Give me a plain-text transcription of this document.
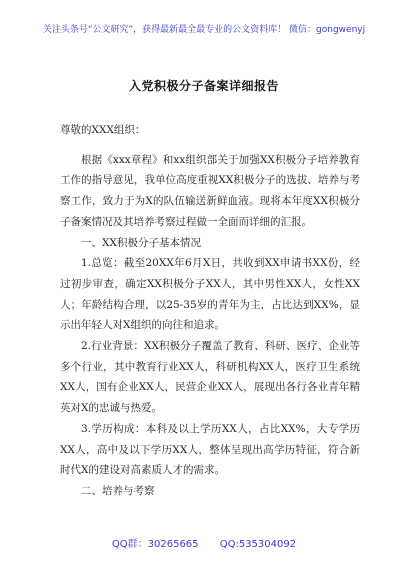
关注头条号“公文研究”，获得最新最全最专业的公文资料库！ 微信：gongwenyj
入党积极分子备案详细报告

尊敬的XXX组织：

根据《xxx章程》和xx组织部关于加强XX积极分子培养教育工作的指导意见，我单位高度重视XX积极分子的选拔、培养与考察工作，致力于为X的队伍输送新鲜血液。现将本年度XX积极分子备案情况及其培养考察过程做一全面而详细的汇报。

一、XX积极分子基本情况

1.总览：截至20XX年6月X日，共收到XX申请书XX份，经过初步审查，确定XX积极分子XX人，其中男性XX人，女性XX人；年龄结构合理，以25-35岁的青年为主，占比达到XX%，显示出年轻人对X组织的向往和追求。

2.行业背景：XX积极分子覆盖了教育、科研、医疗、企业等多个行业，其中教育行业XX人，科研机构XX人，医疗卫生系统XX人，国有企业XX人，民营企业XX人，展现出各行各业青年精英对X的忠诚与热爱。

3.学历构成：本科及以上学历XX人，占比XX%，大专学历XX人，高中及以下学历XX人，整体呈现出高学历特征，符合新时代X的建设对高素质人才的需求。

二、培养与考察

QQ群：30265665 QQ:535304092
